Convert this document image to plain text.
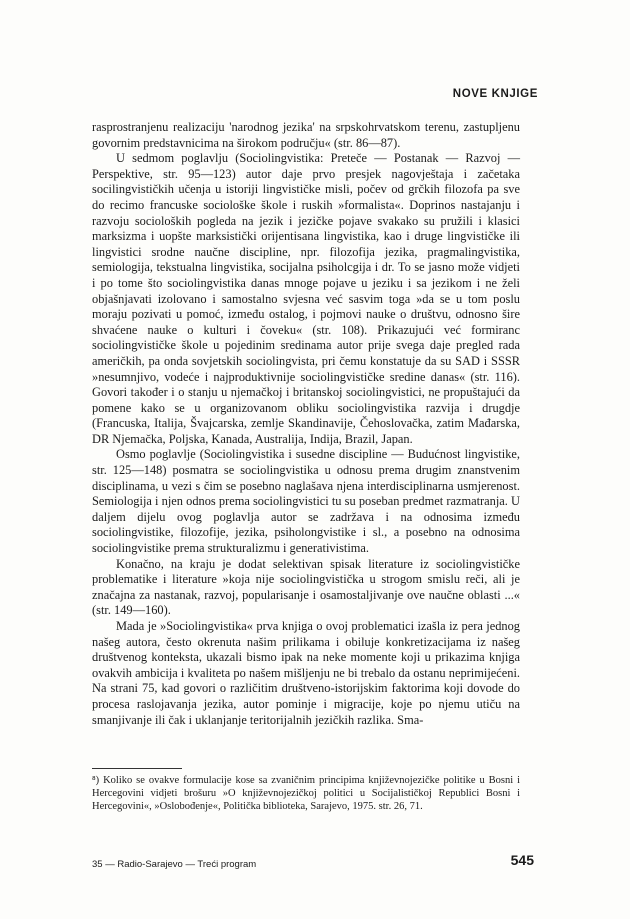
NOVE KNJIGE

rasprostranjenu realizaciju 'narodnog jezika' na srpskohrvatskom terenu, zastupljenu govornim predstavnicima na širokom području« (str. 86—87).

U sedmom poglavlju (Sociolingvistika: Preteče — Postanak — Razvoj — Perspektive, str. 95—123) autor daje prvo presjek nagovještaja i začetaka socilingvističkih učenja u istoriji lingvističke misli, počev od grčkih filozofa pa sve do recimo francuske sociološke škole i ruskih »formalista«. Doprinos nastajanju i razvoju socioloških pogleda na jezik i jezičke pojave svakako su pružili i klasici marksizma i uopšte marksistički orijentisana lingvistika, kao i druge lingvističke ili lingvistici srodne naučne discipline, npr. filozofija jezika, pragmalingvistika, semiologija, tekstualna lingvistika, socijalna psiholcgija i dr. To se jasno može vidjeti i po tome što sociolingvistika danas mnoge pojave u jeziku i sa jezikom i ne želi objašnjavati izolovano i samostalno svjesna već sasvim toga »da se u tom poslu moraju pozivati u pomoć, između ostalog, i pojmovi nauke o društvu, odnosno šire shvaćene nauke o kulturi i čoveku« (str. 108). Prikazujući već formiranc sociolingvističke škole u pojedinim sredinama autor prije svega daje pregled rada američkih, pa onda sovjetskih sociolingvista, pri čemu konstatuje da su SAD i SSSR »nesumnjivo, vodeće i najproduktivnije sociolingvističke sredine danas« (str. 116). Govori također i o stanju u njemačkoj i britanskoj sociolingvistici, ne propuštajući da pomene kako se u organizovanom obliku sociolingvistika razvija i drugdje (Francuska, Italija, Švajcarska, zemlje Skandinavije, Čehoslovačka, zatim Mađarska, DR Njemačka, Poljska, Kanada, Australija, Indija, Brazil, Japan.

Osmo poglavlje (Sociolingvistika i susedne discipline — Budućnost lingvistike, str. 125—148) posmatra se sociolingvistika u odnosu prema drugim znanstvenim disciplinama, u vezi s čim se posebno naglašava njena interdisciplinarna usmjerenost. Semiologija i njen odnos prema sociolingvistici tu su poseban predmet razmatranja. U daljem dijelu ovog poglavlja autor se zadržava i na odnosima između sociolingvistike, filozofije, jezika, psiholongvistike i sl., a posebno na odnosima sociolingvistike prema strukturalizmu i generativistima.

Konačno, na kraju je dodat selektivan spisak literature iz sociolingvističke problematike i literature »koja nije sociolingvistička u strogom smislu reči, ali je značajna za nastanak, razvoj, popularisanje i osamostaljivanje ove naučne oblasti ...« (str. 149—160).

Mada je »Sociolingvistika« prva knjiga o ovoj problematici izašla iz pera jednog našeg autora, često okrenuta našim prilikama i obiluje konkretizacijama iz našeg društvenog konteksta, ukazali bismo ipak na neke momente koji u prikazima knjiga ovakvih ambicija i kvaliteta po našem mišljenju ne bi trebalo da ostanu neprimijećeni. Na strani 75, kad govori o različitim društveno-istorijskim faktorima koji dovode do procesa raslojavanja jezika, autor pominje i migracije, koje po njemu utiču na smanjivanje ili čak i uklanjanje teritorijalnih jezičkih razlika. Sma-

⁸) Koliko se ovakve formulacije kose sa zvaničnim principima književnojezičke politike u Bosni i Hercegovini vidjeti brošuru »O književnojezičkoj politici u Socijalističkoj Republici Bosni i Hercegovini«, »Oslobođenje«, Politička biblioteka, Sarajevo, 1975. str. 26, 71.
35 — Radio-Sarajevo — Treći program	545
